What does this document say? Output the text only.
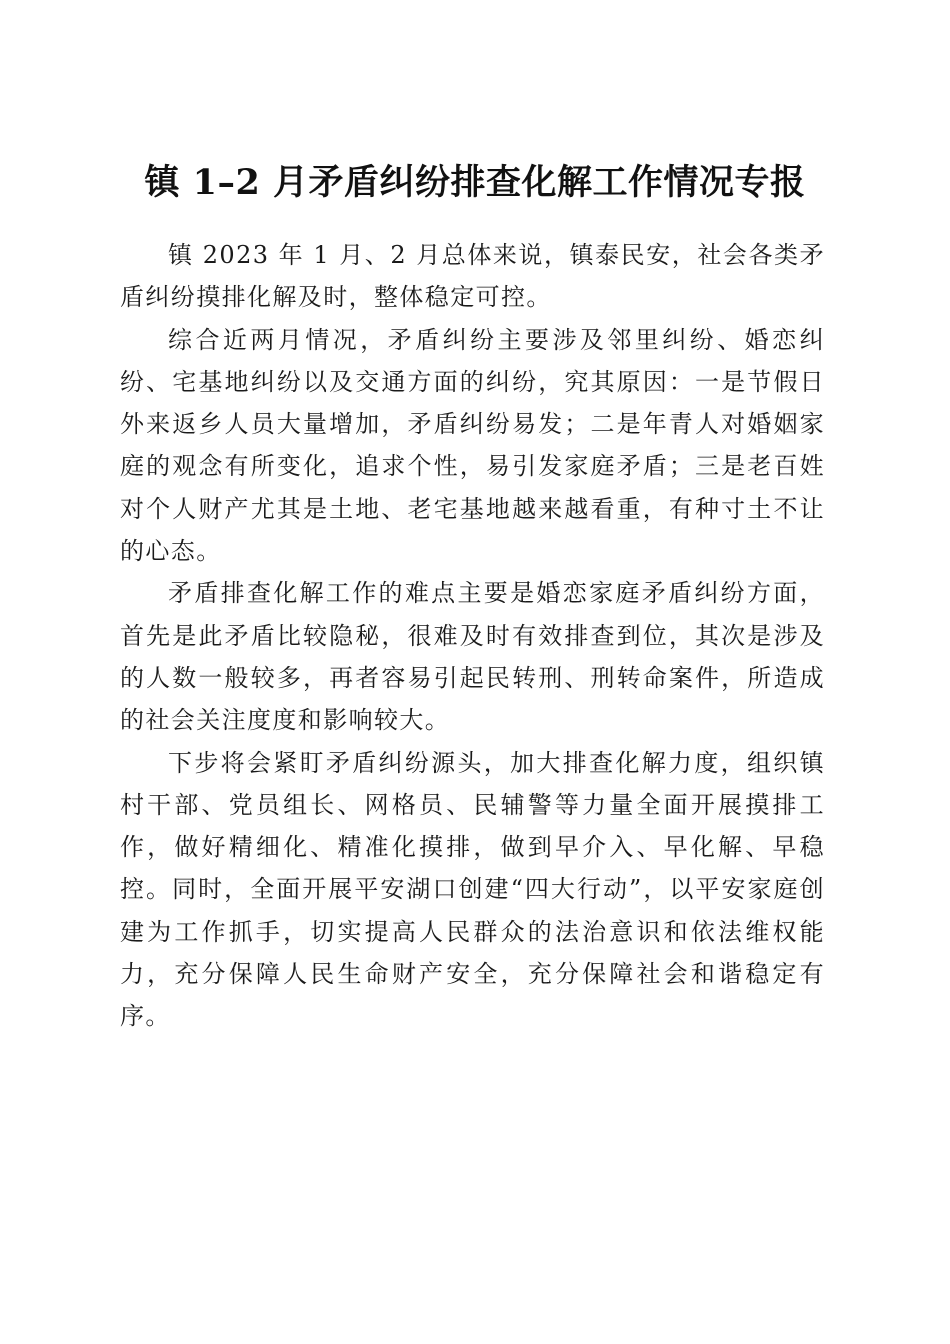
镇 1–2 月矛盾纠纷排查化解工作情况专报

镇 2023 年 1 月、2 月总体来说，镇泰民安，社会各类矛盾纠纷摸排化解及时，整体稳定可控。

综合近两月情况，矛盾纠纷主要涉及邻里纠纷、婚恋纠纷、宅基地纠纷以及交通方面的纠纷，究其原因：一是节假日外来返乡人员大量增加，矛盾纠纷易发；二是年青人对婚姻家庭的观念有所变化，追求个性，易引发家庭矛盾；三是老百姓对个人财产尤其是土地、老宅基地越来越看重，有种寸土不让的心态。

矛盾排查化解工作的难点主要是婚恋家庭矛盾纠纷方面，首先是此矛盾比较隐秘，很难及时有效排查到位，其次是涉及的人数一般较多，再者容易引起民转刑、刑转命案件，所造成的社会关注度度和影响较大。

下步将会紧盯矛盾纠纷源头，加大排查化解力度，组织镇村干部、党员组长、网格员、民辅警等力量全面开展摸排工作，做好精细化、精准化摸排，做到早介入、早化解、早稳控。同时，全面开展平安湖口创建“四大行动”，以平安家庭创建为工作抓手，切实提高人民群众的法治意识和依法维权能力，充分保障人民生命财产安全，充分保障社会和谐稳定有序。
